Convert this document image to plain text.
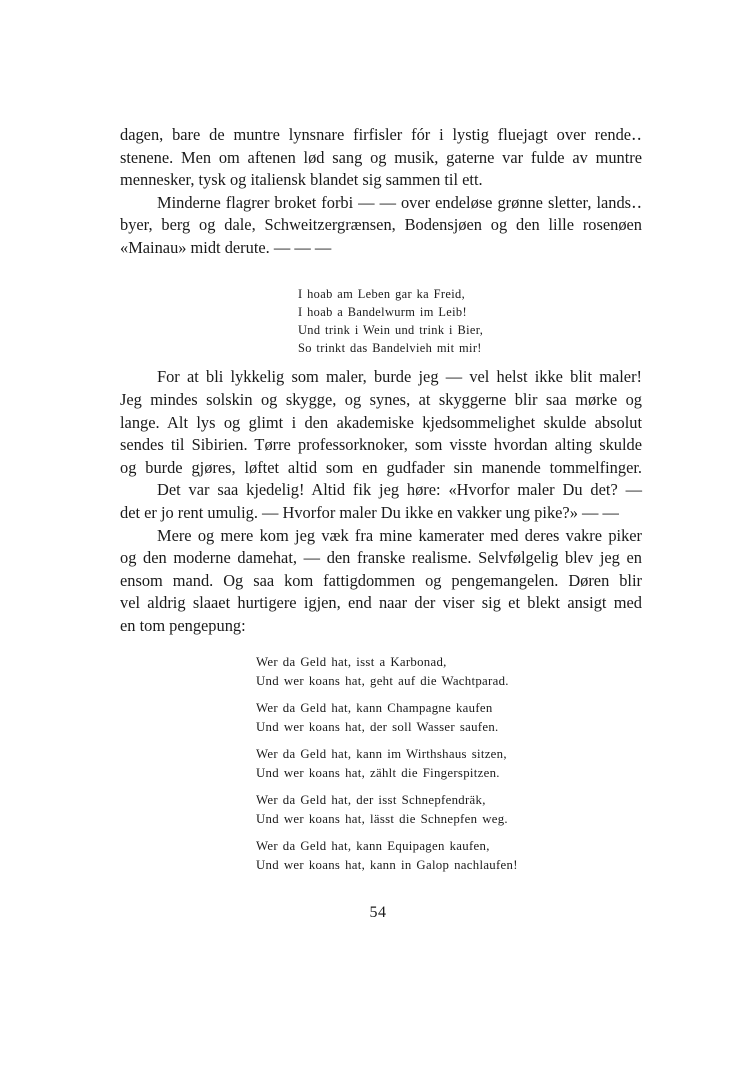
dagen, bare de muntre lynsnare firfisler fór i lystig fluejagt over rende‥
stenene. Men om aftenen lød sang og musik, gaterne var fulde av muntre
mennesker, tysk og italiensk blandet sig sammen til ett.

Minderne flagrer broket forbi — — over endeløse grønne sletter, lands‥
byer, berg og dale, Schweitzergrænsen, Bodensjøen og den lille rosenøen
«Mainau» midt derute. — — —

I hoab am Leben gar ka Freid,
I hoab a Bandelwurm im Leib!
Und trink i Wein und trink i Bier,
So trinkt das Bandelvieh mit mir!

For at bli lykkelig som maler, burde jeg — vel helst ikke blit maler!
Jeg mindes solskin og skygge, og synes, at skyggerne blir saa mørke og
lange. Alt lys og glimt i den akademiske kjedsommelighet skulde absolut
sendes til Sibirien. Tørre professorknoker, som visste hvordan alting skulde
og burde gjøres, løftet altid som en gudfader sin manende tommelfinger.

Det var saa kjedelig! Altid fik jeg høre: «Hvorfor maler Du det? —
det er jo rent umulig. — Hvorfor maler Du ikke en vakker ung pike?» — —

Mere og mere kom jeg væk fra mine kamerater med deres vakre piker
og den moderne damehat, — den franske realisme. Selvfølgelig blev jeg en
ensom mand. Og saa kom fattigdommen og pengemangelen. Døren blir
vel aldrig slaaet hurtigere igjen, end naar der viser sig et blekt ansigt med
en tom pengepung:

Wer da Geld hat, isst a Karbonad,
Und wer koans hat, geht auf die Wachtparad.
Wer da Geld hat, kann Champagne kaufen
Und wer koans hat, der soll Wasser saufen.
Wer da Geld hat, kann im Wirthshaus sitzen,
Und wer koans hat, zählt die Fingerspitzen.
Wer da Geld hat, der isst Schnepfendräk,
Und wer koans hat, lässt die Schnepfen weg.
Wer da Geld hat, kann Equipagen kaufen,
Und wer koans hat, kann in Galop nachlaufen!
54
